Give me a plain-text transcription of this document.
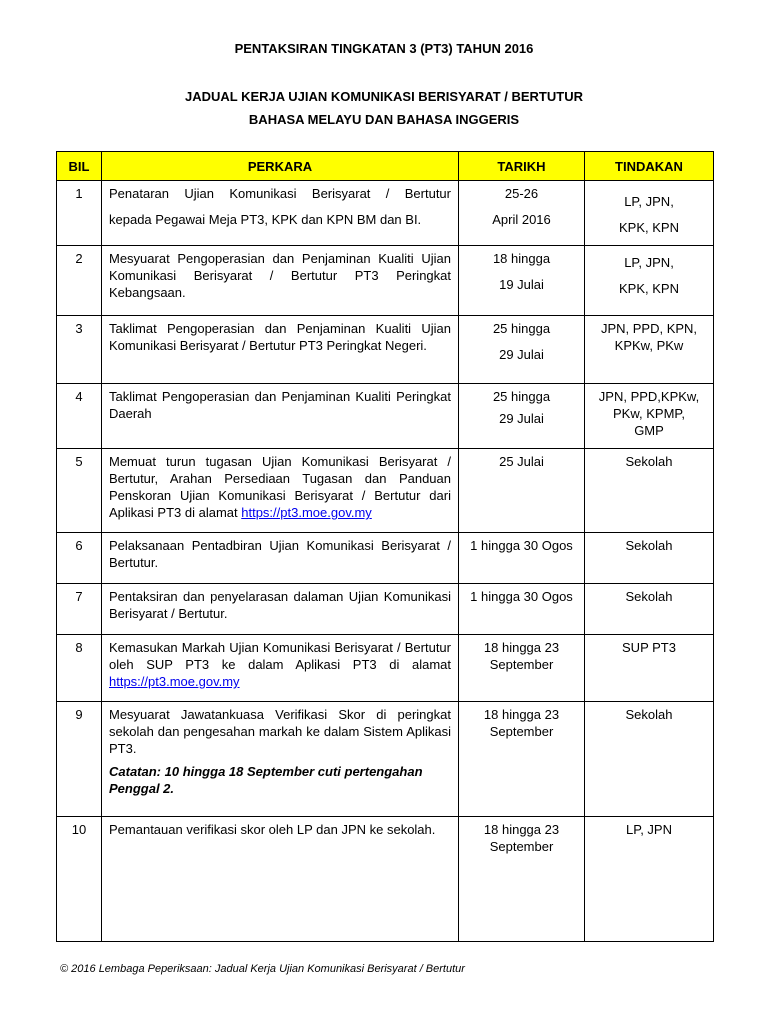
PENTAKSIRAN TINGKATAN 3 (PT3) TAHUN 2016
JADUAL KERJA UJIAN KOMUNIKASI BERISYARAT / BERTUTUR
BAHASA MELAYU DAN BAHASA INGGERIS
BIL	PERKARA	TARIKH	TINDAKAN
1	Penataran Ujian Komunikasi Berisyarat / Bertutur
kepada Pegawai Meja PT3, KPK dan KPN BM dan BI.	25-26
April 2016	LP, JPN,
KPK, KPN

2	Mesyuarat Pengoperasian dan Penjaminan Kualiti Ujian Komunikasi Berisyarat / Bertutur PT3 Peringkat Kebangsaan.	18 hingga
19 Julai	LP, JPN,
KPK, KPN

3	Taklimat Pengoperasian dan Penjaminan Kualiti Ujian Komunikasi Berisyarat / Bertutur PT3 Peringkat Negeri.	25 hingga
29 Julai	JPN, PPD, KPN,
KPKw, PKw

4	Taklimat Pengoperasian dan Penjaminan Kualiti Peringkat Daerah	25 hingga
29 Julai	JPN, PPD,KPKw,
PKw, KPMP,
GMP

5	Memuat turun tugasan Ujian Komunikasi Berisyarat / Bertutur, Arahan Persediaan Tugasan dan Panduan Penskoran Ujian Komunikasi Berisyarat / Bertutur dari Aplikasi PT3 di alamat https://pt3.moe.gov.my	25 Julai	Sekolah
6	Pelaksanaan Pentadbiran Ujian Komunikasi Berisyarat / Bertutur.	1 hingga 30 Ogos	Sekolah
7	Pentaksiran dan penyelarasan dalaman Ujian Komunikasi Berisyarat / Bertutur.	1 hingga 30 Ogos	Sekolah
8	Kemasukan Markah Ujian Komunikasi Berisyarat / Bertutur oleh SUP PT3 ke dalam Aplikasi PT3 di alamat https://pt3.moe.gov.my	18 hingga 23
September	SUP PT3
9	Mesyuarat Jawatankuasa Verifikasi Skor di peringkat sekolah dan pengesahan markah ke dalam Sistem Aplikasi PT3.
Catatan: 10 hingga 18 September cuti pertengahan Penggal 2.	18 hingga 23
September	Sekolah
10	Pemantauan verifikasi skor oleh LP dan JPN ke sekolah.	18 hingga 23
September	LP, JPN
© 2016 Lembaga Peperiksaan: Jadual Kerja Ujian Komunikasi Berisyarat / Bertutur
